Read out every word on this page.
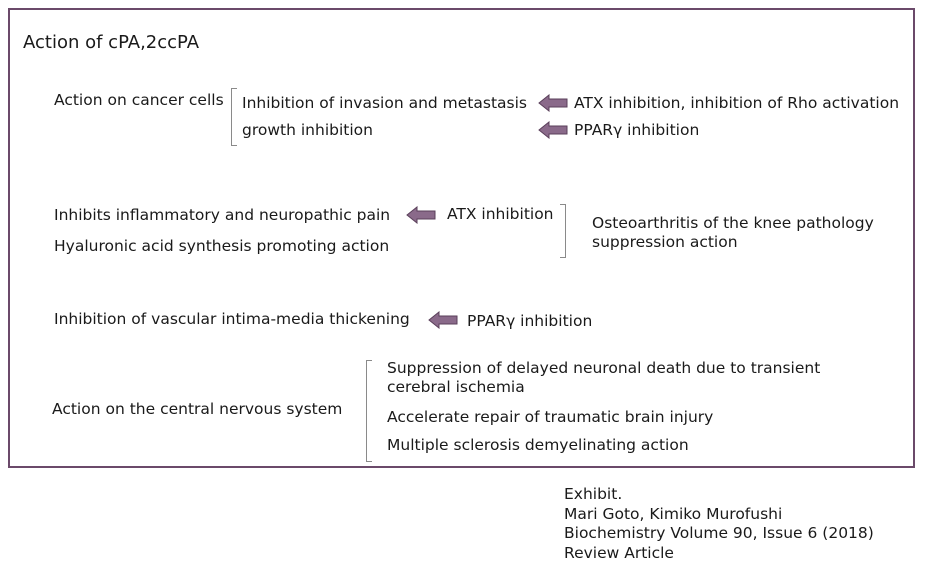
Action of cPA,2ccPA
Action on cancer cells Inhibition of invasion and metastasis
growth inhibition
ATX inhibition, inhibition of Rho activation
PPARγ inhibition
Inhibits inflammatory and neuropathic pain
Hyaluronic acid synthesis promoting action
ATX inhibition Osteoarthritis of the knee pathology
suppression action
Inhibition of vascular intima-media thickening	PPARγ inhibition
Action on the central nervous system
Suppression of delayed neuronal death due to transient
cerebral ischemia
Accelerate repair of traumatic brain injury
Multiple sclerosis demyelinating action
Exhibit.
Mari Goto, Kimiko Murofushi
Biochemistry Volume 90, Issue 6 (2018)
Review Article
